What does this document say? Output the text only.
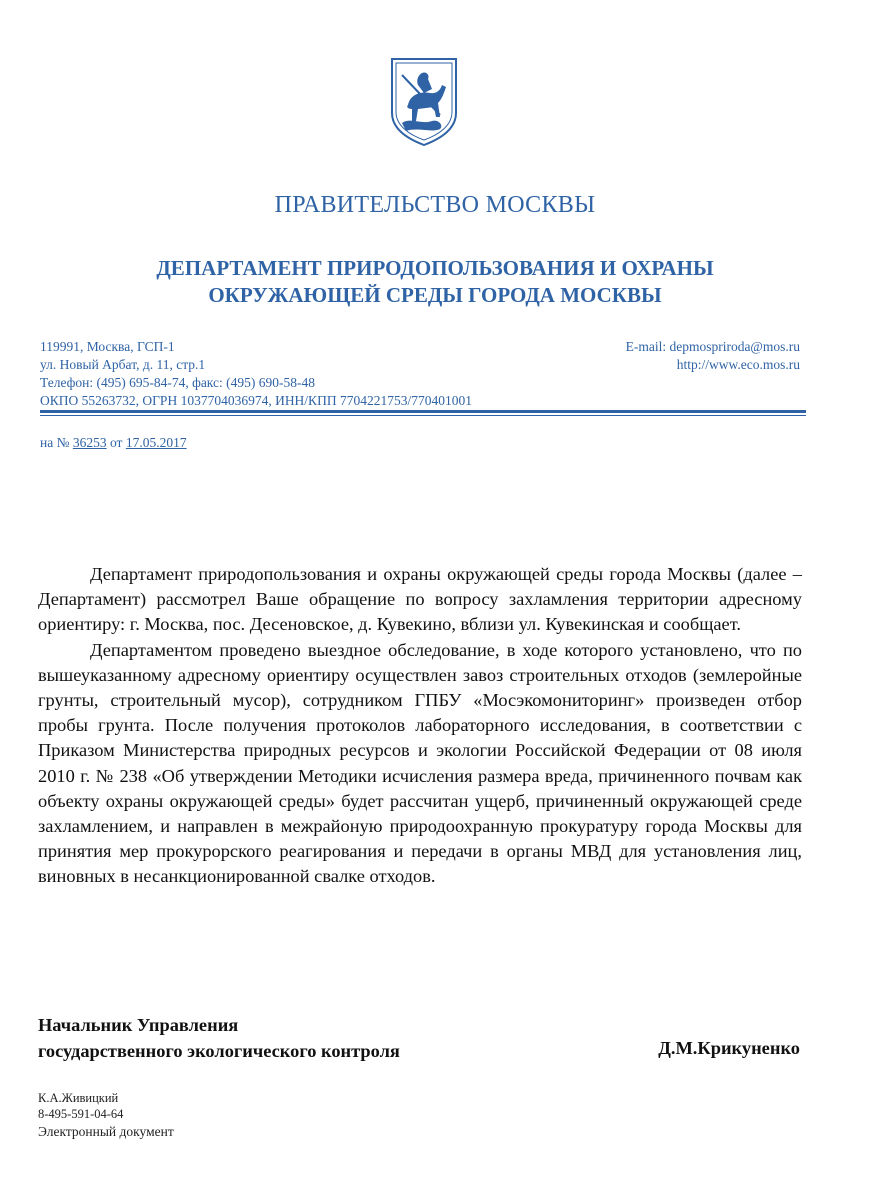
ПРАВИТЕЛЬСТВО МОСКВЫ
ДЕПАРТАМЕНТ ПРИРОДОПОЛЬЗОВАНИЯ И ОХРАНЫ
ОКРУЖАЮЩЕЙ СРЕДЫ ГОРОДА МОСКВЫ
119991, Москва, ГСП-1
ул. Новый Арбат, д. 11, стр.1
Телефон: (495) 695-84-74, факс: (495) 690-58-48
ОКПО 55263732, ОГРН 1037704036974, ИНН/КПП 7704221753/770401001
E-mail: depmospriroda@mos.ru
http://www.eco.mos.ru
на № 36253 от 17.05.2017

Департамент природопользования и охраны окружающей среды города Москвы (далее – Департамент) рассмотрел Ваше обращение по вопросу захламления территории адресному ориентиру: г. Москва, пос. Десеновское, д. Кувекино, вблизи ул. Кувекинская и сообщает.

Департаментом проведено выездное обследование, в ходе которого установлено, что по вышеуказанному адресному ориентиру осуществлен завоз строительных отходов (землеройные грунты, строительный мусор), сотрудником ГПБУ «Мосэкомониторинг» произведен отбор пробы грунта. После получения протоколов лабораторного исследования, в соответствии с Приказом Министерства природных ресурсов и экологии Российской Федерации от 08 июля 2010 г. № 238 «Об утверждении Методики исчисления размера вреда, причиненного почвам как объекту охраны окружающей среды» будет рассчитан ущерб, причиненный окружающей среде захламлением, и направлен в межрайоную природоохранную прокуратуру города Москвы для принятия мер прокурорского реагирования и передачи в органы МВД для установления лиц, виновных в несанкционированной свалке отходов.

Начальник Управления
государственного экологического контроля	Д.М.Крикуненко
К.А.Живицкий
8-495-591-04-64
Электронный документ
